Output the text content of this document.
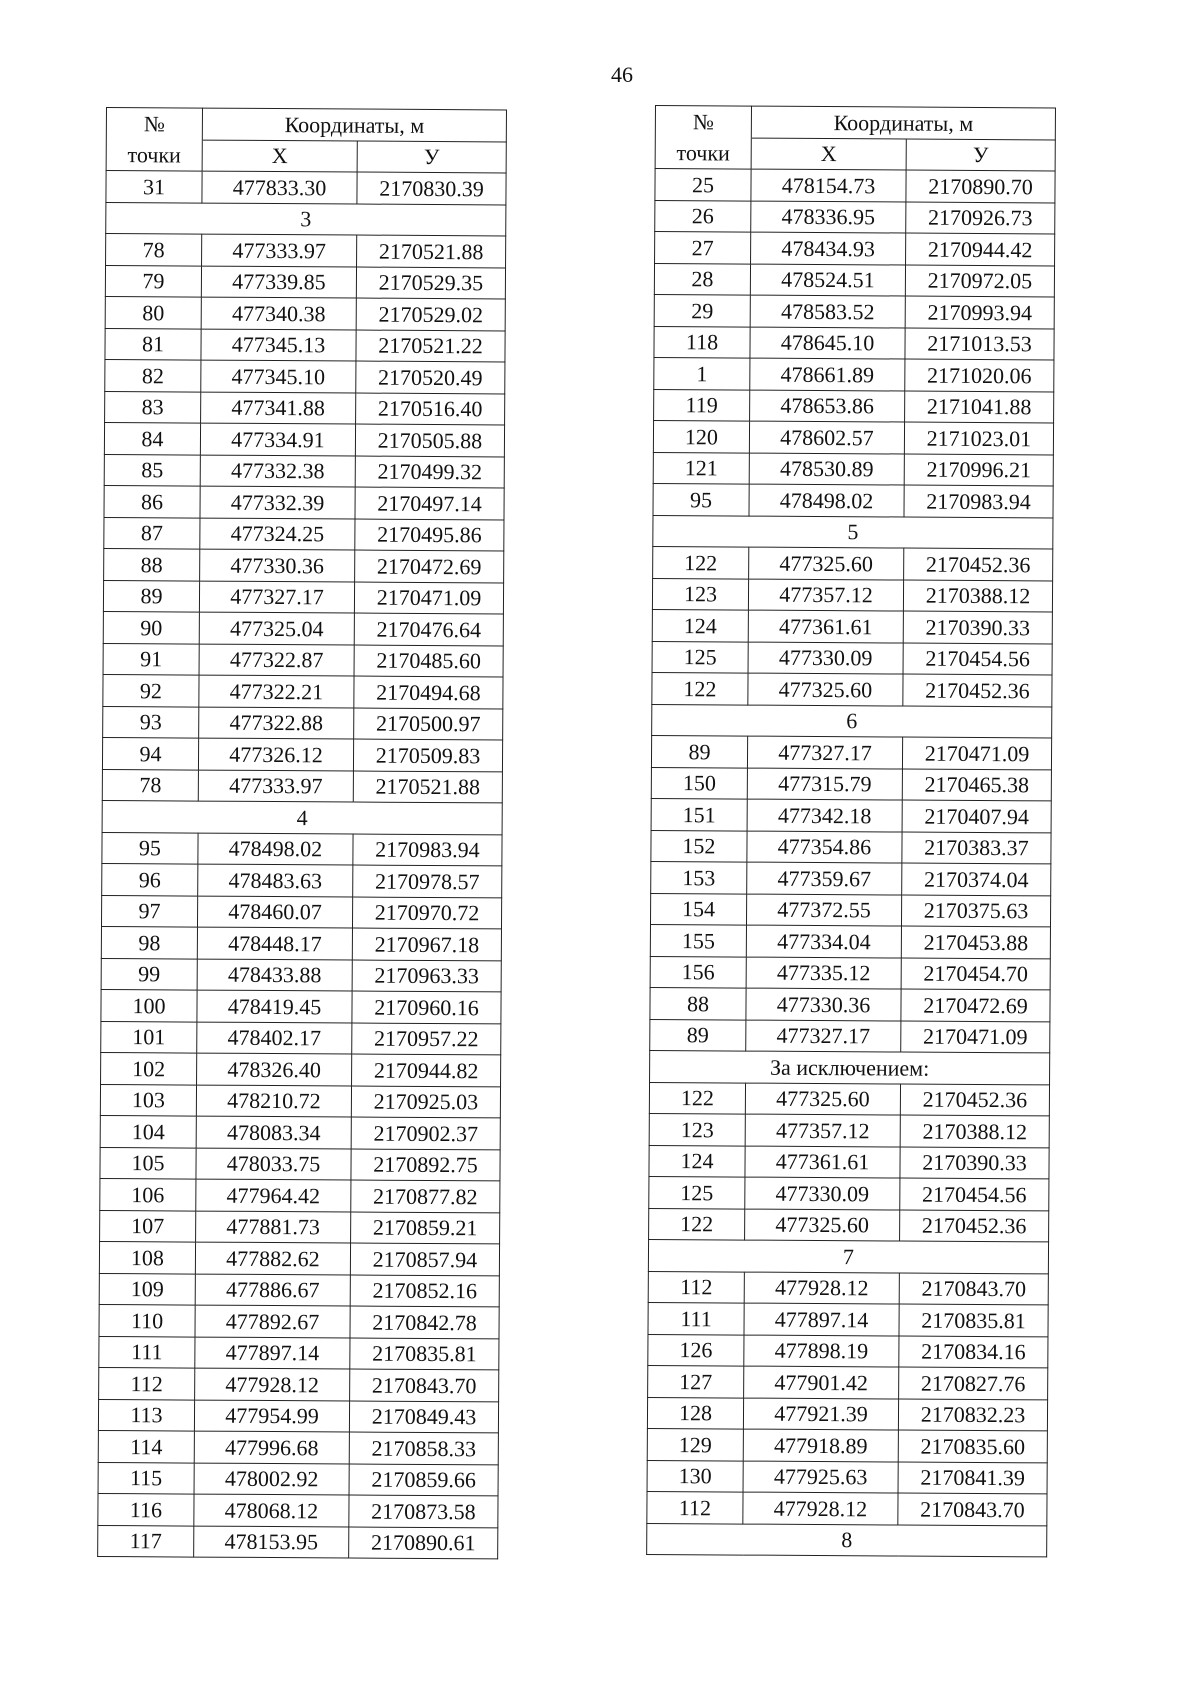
46
№	Координаты, м	
точки	X	У
31	477833.30	2170830.39
3		
78	477333.97	2170521.88
79	477339.85	2170529.35
80	477340.38	2170529.02
81	477345.13	2170521.22
82	477345.10	2170520.49
83	477341.88	2170516.40
84	477334.91	2170505.88
85	477332.38	2170499.32
86	477332.39	2170497.14
87	477324.25	2170495.86
88	477330.36	2170472.69
89	477327.17	2170471.09
90	477325.04	2170476.64
91	477322.87	2170485.60
92	477322.21	2170494.68
93	477322.88	2170500.97
94	477326.12	2170509.83
78	477333.97	2170521.88
4		
95	478498.02	2170983.94
96	478483.63	2170978.57
97	478460.07	2170970.72
98	478448.17	2170967.18
99	478433.88	2170963.33
100	478419.45	2170960.16
101	478402.17	2170957.22
102	478326.40	2170944.82
103	478210.72	2170925.03
104	478083.34	2170902.37
105	478033.75	2170892.75
106	477964.42	2170877.82
107	477881.73	2170859.21
108	477882.62	2170857.94
109	477886.67	2170852.16
110	477892.67	2170842.78
111	477897.14	2170835.81
112	477928.12	2170843.70
113	477954.99	2170849.43
114	477996.68	2170858.33
115	478002.92	2170859.66
116	478068.12	2170873.58
117	478153.95	2170890.61
№	Координаты, м	
точки	X	У
25	478154.73	2170890.70
26	478336.95	2170926.73
27	478434.93	2170944.42
28	478524.51	2170972.05
29	478583.52	2170993.94
118	478645.10	2171013.53
1	478661.89	2171020.06
119	478653.86	2171041.88
120	478602.57	2171023.01
121	478530.89	2170996.21
95	478498.02	2170983.94
5		
122	477325.60	2170452.36
123	477357.12	2170388.12
124	477361.61	2170390.33
125	477330.09	2170454.56
122	477325.60	2170452.36
6		
89	477327.17	2170471.09
150	477315.79	2170465.38
151	477342.18	2170407.94
152	477354.86	2170383.37
153	477359.67	2170374.04
154	477372.55	2170375.63
155	477334.04	2170453.88
156	477335.12	2170454.70
88	477330.36	2170472.69
89	477327.17	2170471.09
За исключением:		
122	477325.60	2170452.36
123	477357.12	2170388.12
124	477361.61	2170390.33
125	477330.09	2170454.56
122	477325.60	2170452.36
7		
112	477928.12	2170843.70
111	477897.14	2170835.81
126	477898.19	2170834.16
127	477901.42	2170827.76
128	477921.39	2170832.23
129	477918.89	2170835.60
130	477925.63	2170841.39
112	477928.12	2170843.70
8		
